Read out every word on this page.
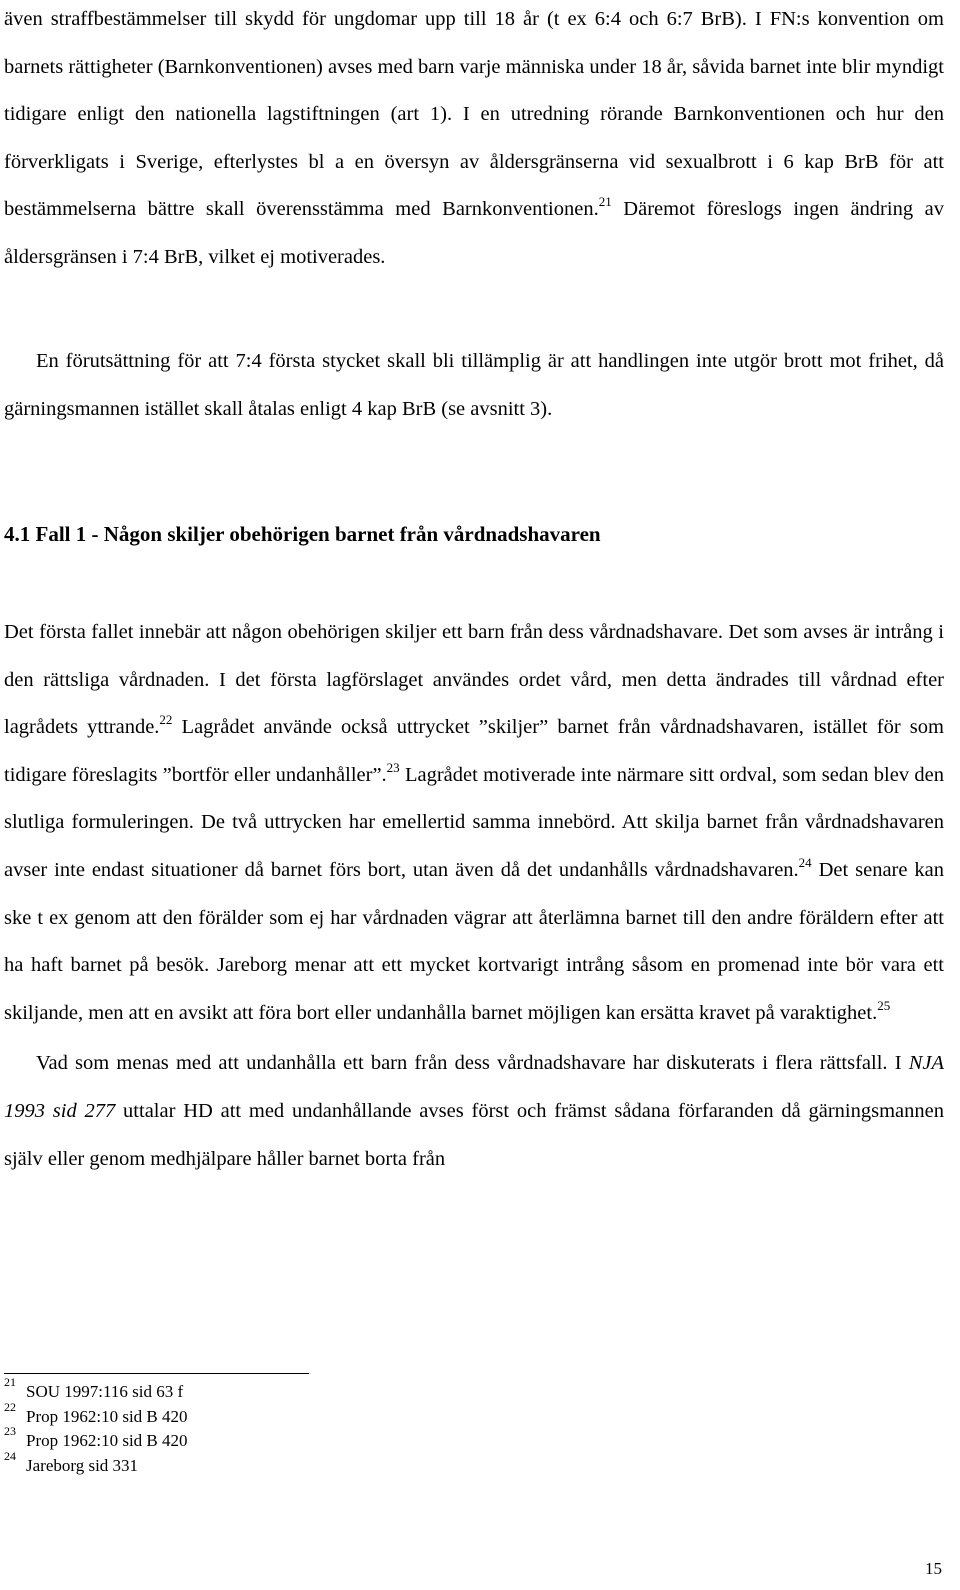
även straffbestämmelser till skydd för ungdomar upp till 18 år (t ex 6:4 och 6:7 BrB). I FN:s konvention om barnets rättigheter (Barnkonventionen) avses med barn varje människa under 18 år, såvida barnet inte blir myndigt tidigare enligt den nationella lagstiftningen (art 1). I en utredning rörande Barnkonventionen och hur den förverkligats i Sverige, efterlystes bl a en översyn av åldersgränserna vid sexualbrott i 6 kap BrB för att bestämmelserna bättre skall överensstämma med Barnkonventionen.$^{21}$ Däremot föreslogs ingen ändring av åldersgränsen i 7:4 BrB, vilket ej motiverades.

En förutsättning för att 7:4 första stycket skall bli tillämplig är att handlingen inte utgör brott mot frihet, då gärningsmannen istället skall åtalas enligt 4 kap BrB (se avsnitt 3).

4.1 Fall 1 - Någon skiljer obehörigen barnet från vårdnadshavaren

Det första fallet innebär att någon obehörigen skiljer ett barn från dess vårdnadshavare. Det som avses är intrång i den rättsliga vårdnaden. I det första lagförslaget användes ordet vård, men detta ändrades till vårdnad efter lagrådets yttrande.$^{22}$ Lagrådet använde också uttrycket ”skiljer” barnet från vårdnadshavaren, istället för som tidigare föreslagits ”bortför eller undanhåller”.$^{23}$ Lagrådet motiverade inte närmare sitt ordval, som sedan blev den slutliga formuleringen. De två uttrycken har emellertid samma innebörd. Att skilja barnet från vårdnadshavaren avser inte endast situationer då barnet förs bort, utan även då det undanhålls vårdnadshavaren.$^{24}$ Det senare kan ske t ex genom att den förälder som ej har vårdnaden vägrar att återlämna barnet till den andre föräldern efter att ha haft barnet på besök. Jareborg menar att ett mycket kortvarigt intrång såsom en promenad inte bör vara ett skiljande, men att en avsikt att föra bort eller undanhålla barnet möjligen kan ersätta kravet på varaktighet.$^{25}$

Vad som menas med att undanhålla ett barn från dess vårdnadshavare har diskuterats i flera rättsfall. I NJA 1993 sid 277 uttalar HD att med undanhållande avses först och främst sådana förfaranden då gärningsmannen själv eller genom medhjälpare håller barnet borta från

21 SOU 1997:116 sid 63 f
22 Prop 1962:10 sid B 420
23 Prop 1962:10 sid B 420
24 Jareborg sid 331
15
